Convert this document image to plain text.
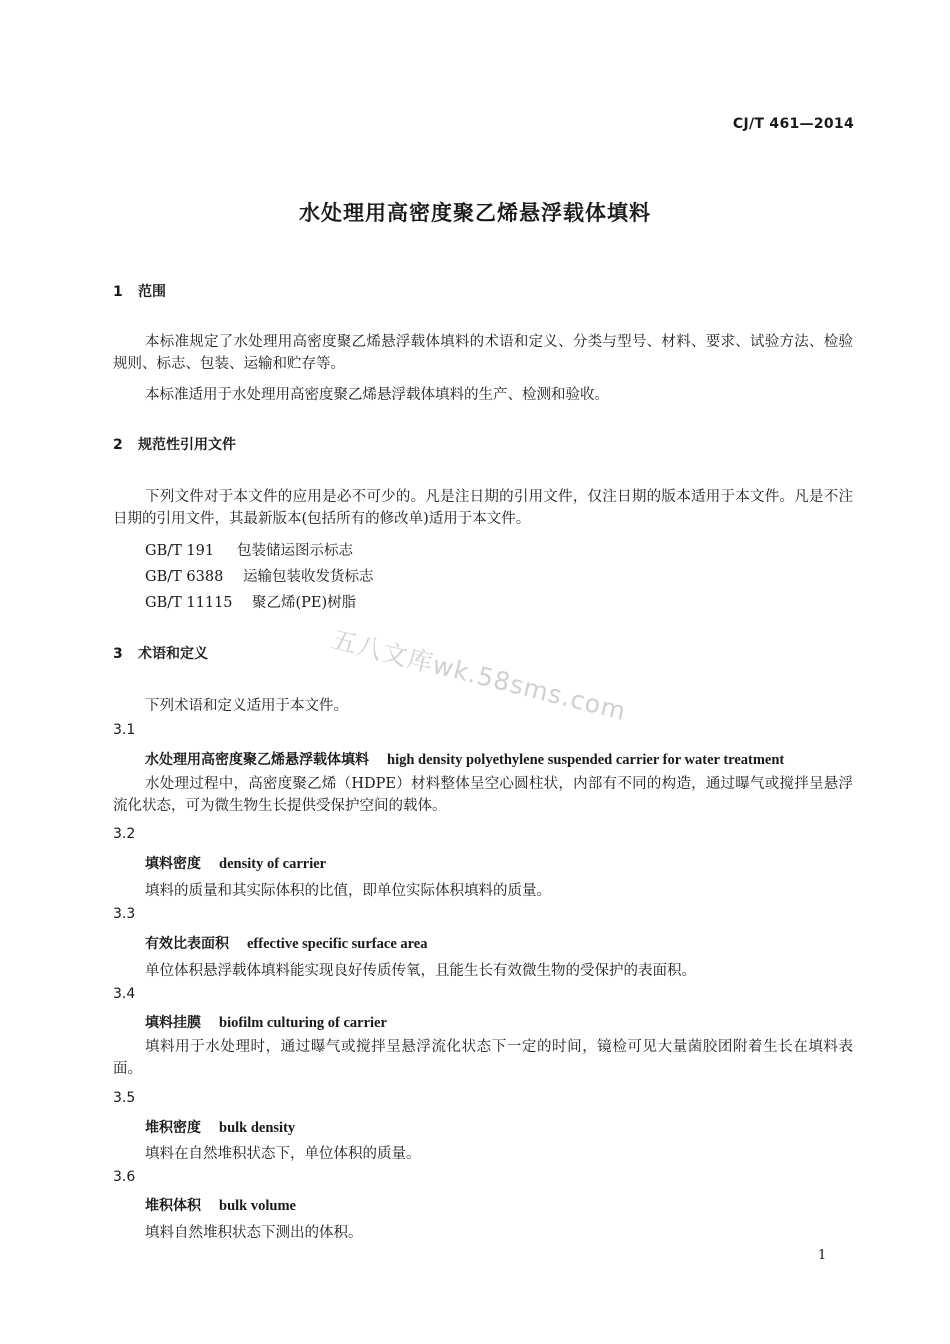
CJ/T 461—2014
水处理用高密度聚乙烯悬浮载体填料
1 范围
本标准规定了水处理用高密度聚乙烯悬浮载体填料的术语和定义、分类与型号、材料、要求、试验方法、检验规则、标志、包装、运输和贮存等。
本标准适用于水处理用高密度聚乙烯悬浮载体填料的生产、检测和验收。
2 规范性引用文件
下列文件对于本文件的应用是必不可少的。凡是注日期的引用文件，仅注日期的版本适用于本文件。凡是不注日期的引用文件，其最新版本(包括所有的修改单)适用于本文件。
GB/T 191 包装储运图示标志
GB/T 6388 运输包装收发货标志
GB/T 11115 聚乙烯(PE)树脂
3 术语和定义
下列术语和定义适用于本文件。
3.1
水处理用高密度聚乙烯悬浮载体填料 high density polyethylene suspended carrier for water treatment
水处理过程中，高密度聚乙烯（HDPE）材料整体呈空心圆柱状，内部有不同的构造，通过曝气或搅拌呈悬浮流化状态，可为微生物生长提供受保护空间的载体。
3.2
填料密度 density of carrier
填料的质量和其实际体积的比值，即单位实际体积填料的质量。
3.3
有效比表面积 effective specific surface area
单位体积悬浮载体填料能实现良好传质传氧，且能生长有效微生物的受保护的表面积。
3.4
填料挂膜 biofilm culturing of carrier
填料用于水处理时，通过曝气或搅拌呈悬浮流化状态下一定的时间，镜检可见大量菌胶团附着生长在填料表面。
3.5
堆积密度 bulk density
填料在自然堆积状态下，单位体积的质量。
3.6
堆积体积 bulk volume
填料自然堆积状态下测出的体积。
五八文库wk.58sms.com
1
